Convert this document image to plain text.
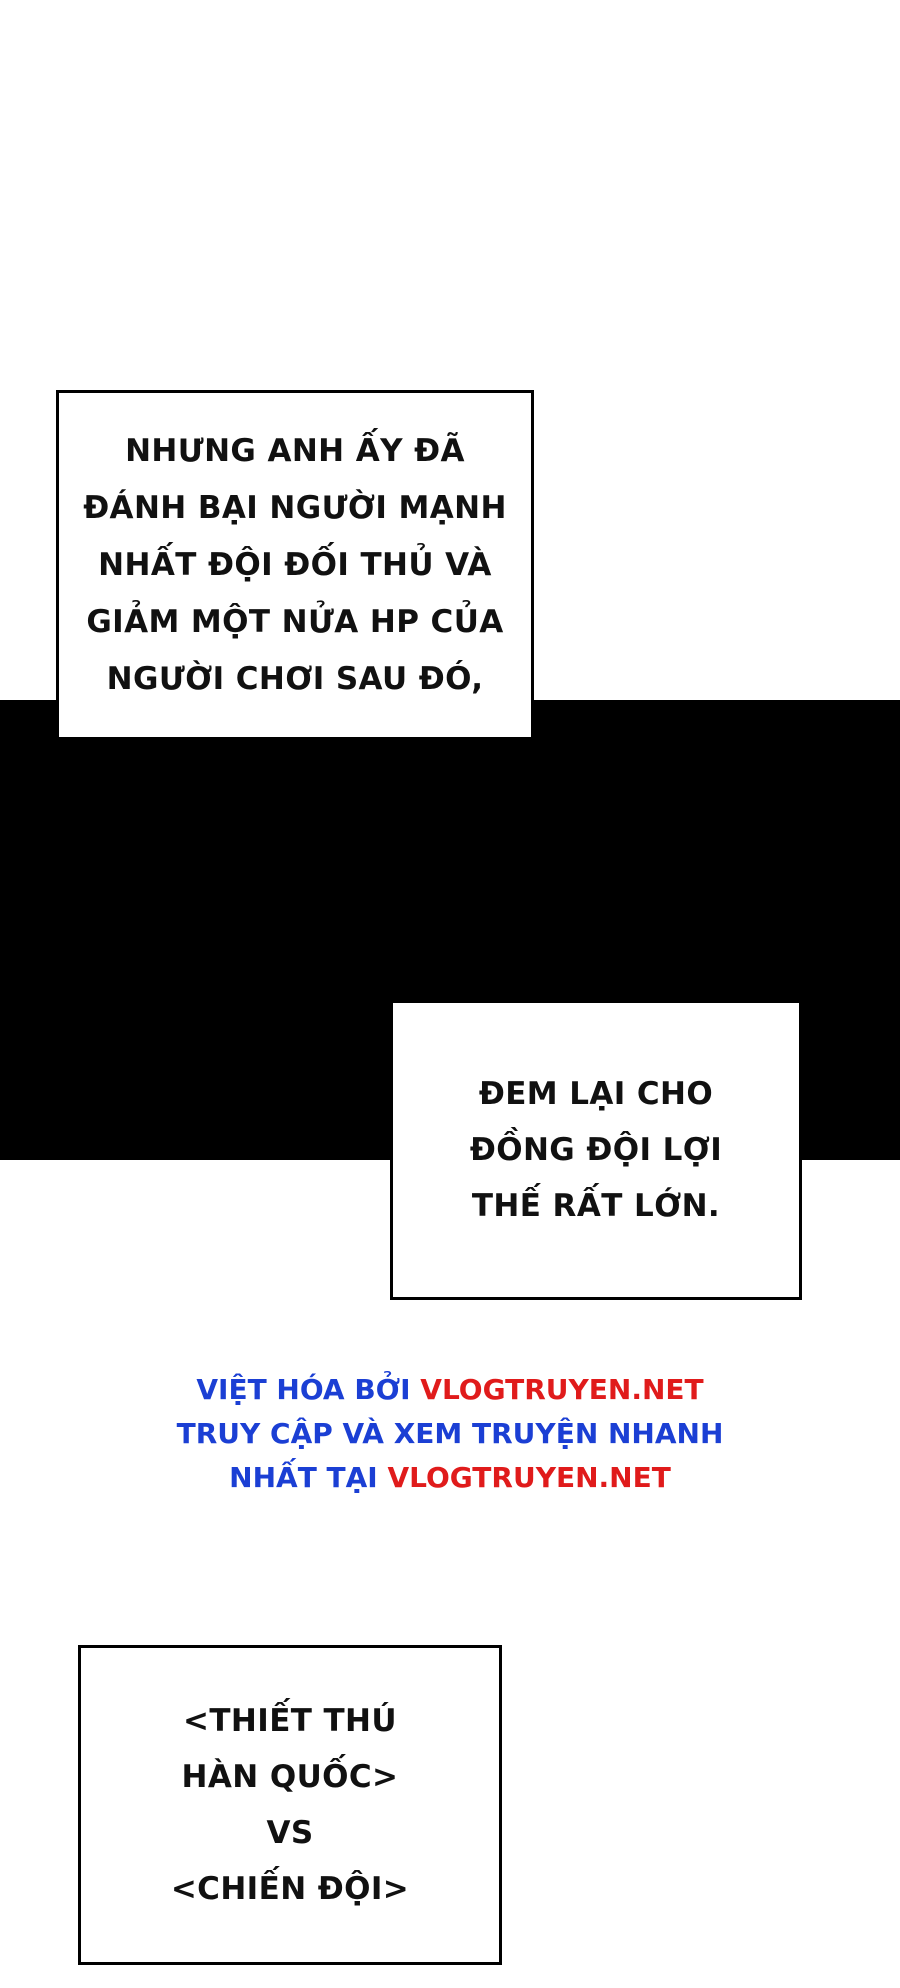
NHƯNG ANH ẤY ĐÃ
ĐÁNH BẠI NGƯỜI MẠNH
NHẤT ĐỘI ĐỐI THỦ VÀ
GIẢM MỘT NỬA HP CỦA
NGƯỜI CHƠI SAU ĐÓ,
ĐEM LẠI CHO
ĐỒNG ĐỘI LỢI
THẾ RẤT LỚN.
VIỆT HÓA BỞI VLOGTRUYEN.NET
TRUY CẬP VÀ XEM TRUYỆN NHANH
NHẤT TẠI VLOGTRUYEN.NET
<THIẾT THÚ
HÀN QUỐC>
VS
<CHIẾN ĐỘI>
